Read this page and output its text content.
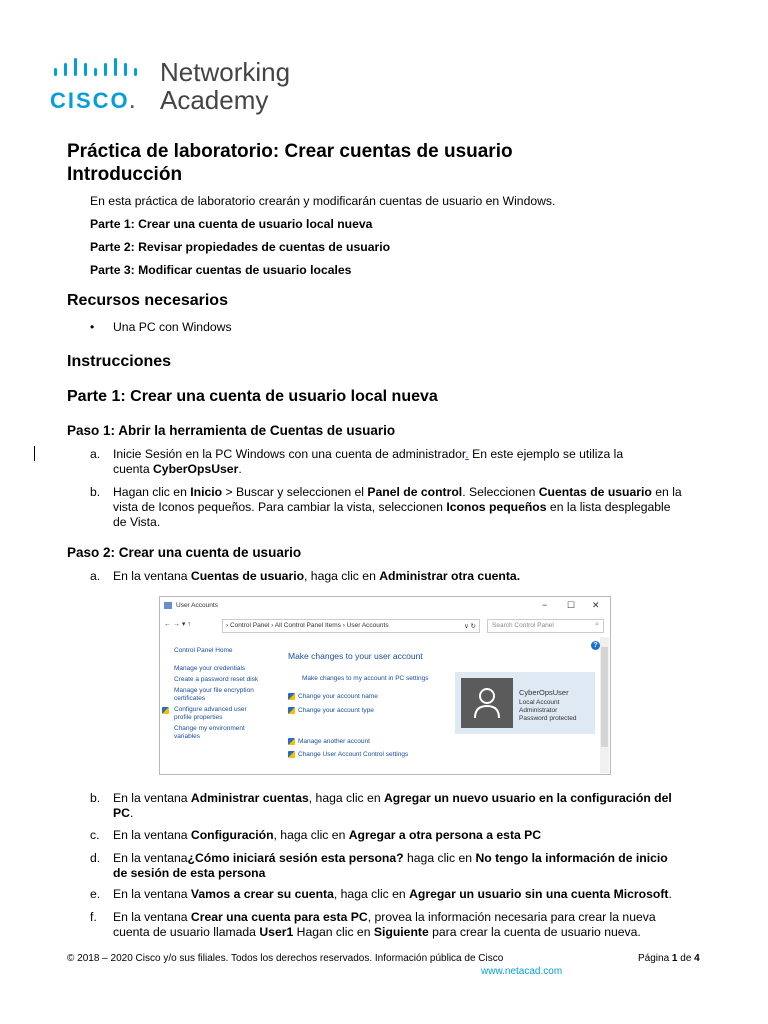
CISCO.
Networking
Academy
Práctica de laboratorio: Crear cuentas de usuario
Introducción
En esta práctica de laboratorio crearán y modificarán cuentas de usuario en Windows.
Parte 1: Crear una cuenta de usuario local nueva
Parte 2: Revisar propiedades de cuentas de usuario
Parte 3: Modificar cuentas de usuario locales
Recursos necesarios
• Una PC con Windows
Instrucciones
Parte 1: Crear una cuenta de usuario local nueva
Paso 1: Abrir la herramienta de Cuentas de usuario
a.	Inicie Sesión en la PC Windows con una cuenta de administrador. En este ejemplo se utiliza la
cuenta CyberOpsUser.
b.	Hagan clic en Inicio > Buscar y seleccionen el Panel de control. Seleccionen Cuentas de usuario en la
vista de Iconos pequeños. Para cambiar la vista, seleccionen Iconos pequeños en la lista desplegable
de Vista.
Paso 2: Crear una cuenta de usuario
a.	En la ventana Cuentas de usuario, haga clic en Administrar otra cuenta.
User Accounts	− ☐ ✕
← → ▾ ↑	› Control Panel › All Control Panel Items › User Accounts	∨ ↻ Search Control Panel	⌕
Control Panel Home
Manage your credentials
Create a password reset disk
Manage your file encryption certificates
Configure advanced user profile properties
Change my environment variables
Make changes to your user account
Make changes to my account in PC settings
Change your account name
Change your account type
Manage another account
Change User Account Control settings
CyberOpsUser
Local Account
Administrator
Password protected
?
b.	En la ventana Administrar cuentas, haga clic en Agregar un nuevo usuario en la configuración del
PC.
c.	En la ventana Configuración, haga clic en Agregar a otra persona a esta PC
d.	En la ventana¿Cómo iniciará sesión esta persona? haga clic en No tengo la información de inicio
de sesión de esta persona
e.	En la ventana Vamos a crear su cuenta, haga clic en Agregar un usuario sin una cuenta Microsoft.
f.	En la ventana Crear una cuenta para esta PC, provea la información necesaria para crear la nueva
cuenta de usuario llamada User1 Hagan clic en Siguiente para crear la cuenta de usuario nueva.
© 2018 – 2020 Cisco y/o sus filiales. Todos los derechos reservados. Información pública de Cisco	Página 1 de 4
www.netacad.com
